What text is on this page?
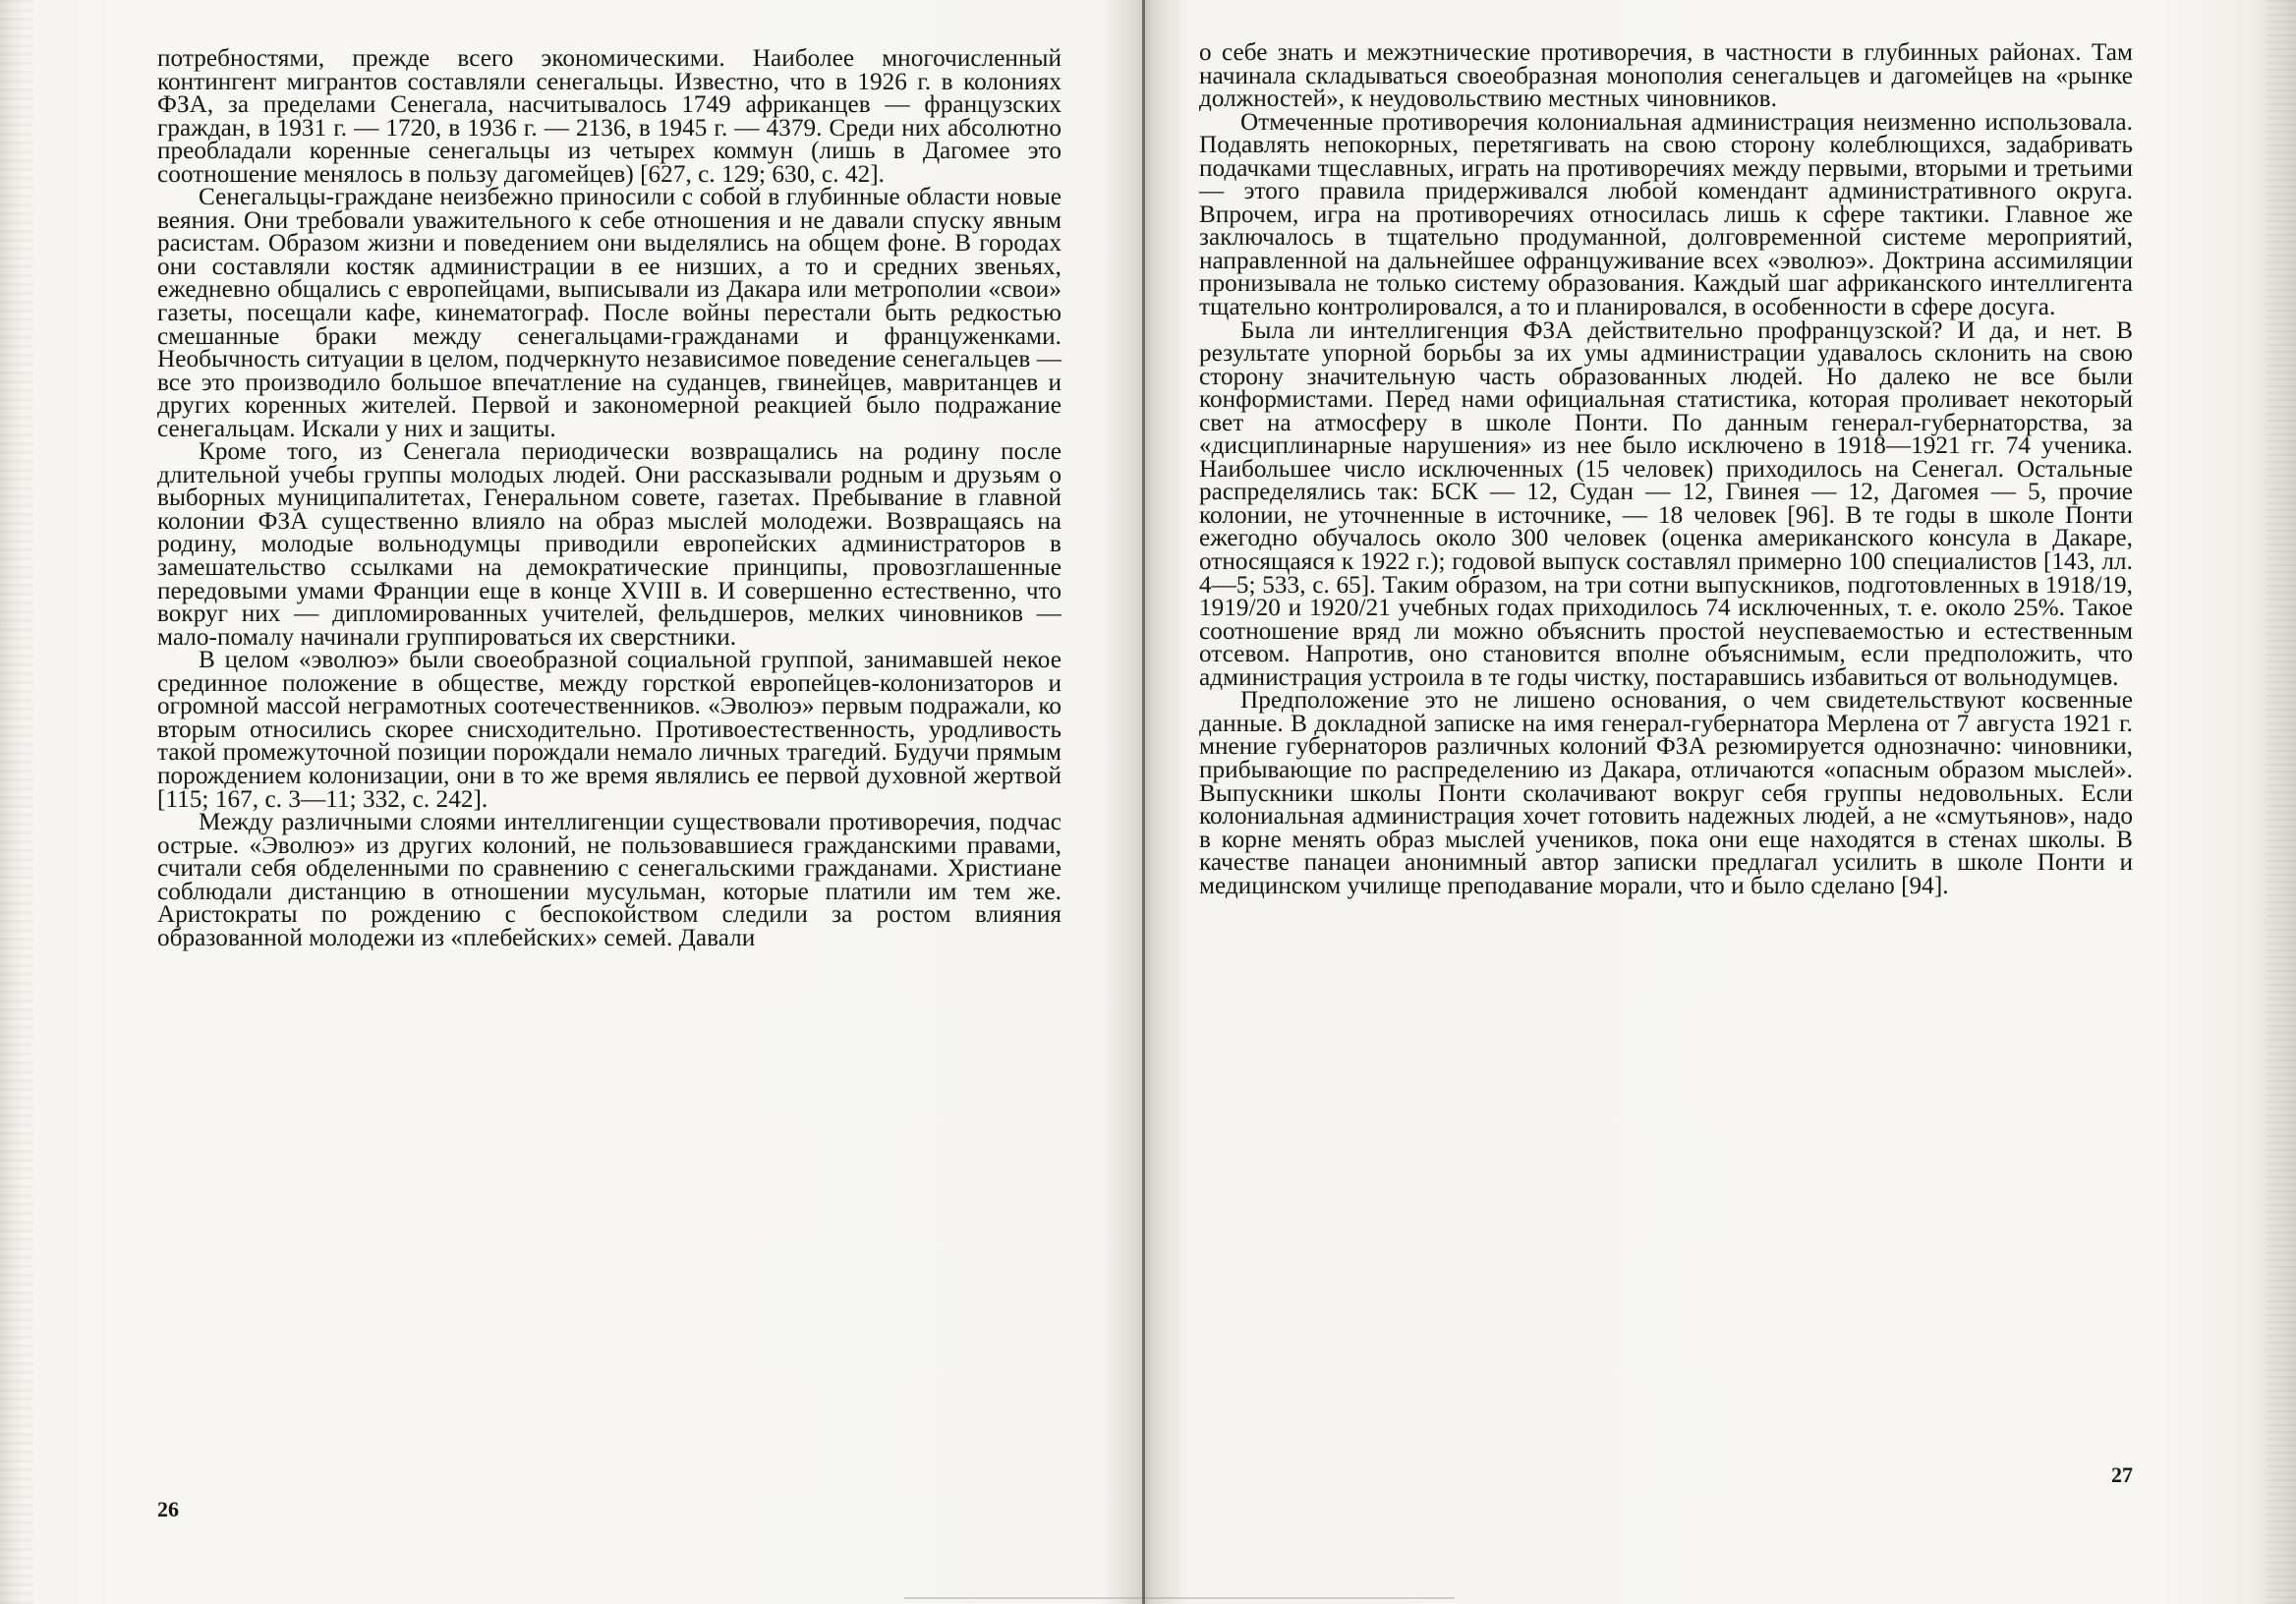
потребностями, прежде всего экономическими. Наиболее многочисленный контингент мигрантов составляли сенегальцы. Известно, что в 1926 г. в колониях ФЗА, за пределами Сенегала, насчитывалось 1749 африканцев — французских граждан, в 1931 г. — 1720, в 1936 г. — 2136, в 1945 г. — 4379. Среди них абсолютно преобладали коренные сенегальцы из четырех коммун (лишь в Дагомее это соотношение менялось в пользу дагомейцев) [627, с. 129; 630, с. 42].

Сенегальцы-граждане неизбежно приносили с собой в глубинные области новые веяния. Они требовали уважительного к себе отношения и не давали спуску явным расистам. Образом жизни и поведением они выделялись на общем фоне. В городах они составляли костяк администрации в ее низших, а то и средних звеньях, ежедневно общались с европейцами, выписывали из Дакара или метрополии «свои» газеты, посещали кафе, кинематограф. После войны перестали быть редкостью смешанные браки между сенегальцами-гражданами и француженками. Необычность ситуации в целом, подчеркнуто независимое поведение сенегальцев — все это производило большое впечатление на суданцев, гвинейцев, мавританцев и других коренных жителей. Первой и закономерной реакцией было подражание сенегальцам. Искали у них и защиты.

Кроме того, из Сенегала периодически возвращались на родину после длительной учебы группы молодых людей. Они рассказывали родным и друзьям о выборных муниципалитетах, Генеральном совете, газетах. Пребывание в главной колонии ФЗА существенно влияло на образ мыслей молодежи. Возвращаясь на родину, молодые вольнодумцы приводили европейских администраторов в замешательство ссылками на демократические принципы, провозглашенные передовыми умами Франции еще в конце XVIII в. И совершенно естественно, что вокруг них — дипломированных учителей, фельдшеров, мелких чиновников — мало-помалу начинали группироваться их сверстники.

В целом «эволюэ» были своеобразной социальной группой, занимавшей некое срединное положение в обществе, между горсткой европейцев-колонизаторов и огромной массой неграмотных соотечественников. «Эволюэ» первым подражали, ко вторым относились скорее снисходительно. Противоестественность, уродливость такой промежуточной позиции порождали немало личных трагедий. Будучи прямым порождением колонизации, они в то же время являлись ее первой духовной жертвой [115; 167, с. 3—11; 332, с. 242].

Между различными слоями интеллигенции существовали противоречия, подчас острые. «Эволюэ» из других колоний, не пользовавшиеся гражданскими правами, считали себя обделенными по сравнению с сенегальскими гражданами. Христиане соблюдали дистанцию в отношении мусульман, которые платили им тем же. Аристократы по рождению с беспокойством следили за ростом влияния образованной молодежи из «плебейских» семей. Давали

26

о себе знать и межэтнические противоречия, в частности в глубинных районах. Там начинала складываться своеобразная монополия сенегальцев и дагомейцев на «рынке должностей», к неудовольствию местных чиновников.

Отмеченные противоречия колониальная администрация неизменно использовала. Подавлять непокорных, перетягивать на свою сторону колеблющихся, задабривать подачками тщеславных, играть на противоречиях между первыми, вторыми и третьими — этого правила придерживался любой комендант административного округа. Впрочем, игра на противоречиях относилась лишь к сфере тактики. Главное же заключалось в тщательно продуманной, долговременной системе мероприятий, направленной на дальнейшее офранцуживание всех «эволюэ». Доктрина ассимиляции пронизывала не только систему образования. Каждый шаг африканского интеллигента тщательно контролировался, а то и планировался, в особенности в сфере досуга.

Была ли интеллигенция ФЗА действительно профранцузской? И да, и нет. В результате упорной борьбы за их умы администрации удавалось склонить на свою сторону значительную часть образованных людей. Но далеко не все были конформистами. Перед нами официальная статистика, которая проливает некоторый свет на атмосферу в школе Понти. По данным генерал-губернаторства, за «дисциплинарные нарушения» из нее было исключено в 1918—1921 гг. 74 ученика. Наибольшее число исключенных (15 человек) приходилось на Сенегал. Остальные распределялись так: БСК — 12, Судан — 12, Гвинея — 12, Дагомея — 5, прочие колонии, не уточненные в источнике, — 18 человек [96]. В те годы в школе Понти ежегодно обучалось около 300 человек (оценка американского консула в Дакаре, относящаяся к 1922 г.); годовой выпуск составлял примерно 100 специалистов [143, лл. 4—5; 533, с. 65]. Таким образом, на три сотни выпускников, подготовленных в 1918/19, 1919/20 и 1920/21 учебных годах приходилось 74 исключенных, т. е. около 25%. Такое соотношение вряд ли можно объяснить простой неуспеваемостью и естественным отсевом. Напротив, оно становится вполне объяснимым, если предположить, что администрация устроила в те годы чистку, постаравшись избавиться от вольнодумцев.

Предположение это не лишено основания, о чем свидетельствуют косвенные данные. В докладной записке на имя генерал-губернатора Мерлена от 7 августа 1921 г. мнение губернаторов различных колоний ФЗА резюмируется однозначно: чиновники, прибывающие по распределению из Дакара, отличаются «опасным образом мыслей». Выпускники школы Понти сколачивают вокруг себя группы недовольных. Если колониальная администрация хочет готовить надежных людей, а не «смутьянов», надо в корне менять образ мыслей учеников, пока они еще находятся в стенах школы. В качестве панацеи анонимный автор записки предлагал усилить в школе Понти и медицинском училище преподавание морали, что и было сделано [94].

27
